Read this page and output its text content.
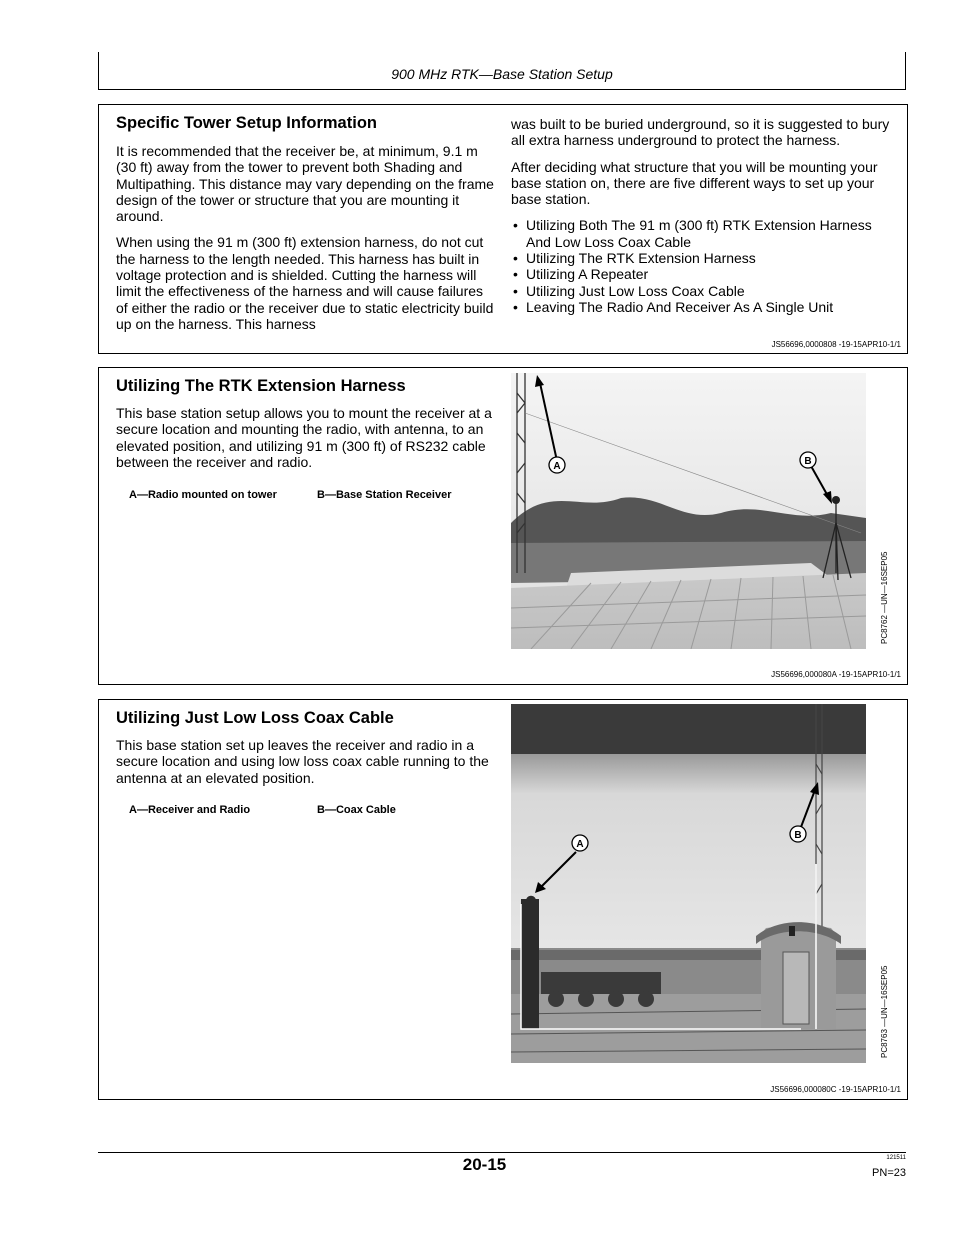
900 MHz RTK—Base Station Setup
Specific Tower Setup Information

It is recommended that the receiver be, at minimum, 9.1 m (30 ft) away from the tower to prevent both Shading and Multipathing. This distance may vary depending on the frame design of the tower or structure that you are mounting it around.

When using the 91 m (300 ft) extension harness, do not cut the harness to the length needed. This harness has built in voltage protection and is shielded. Cutting the harness will limit the effectiveness of the harness and will cause failures of either the radio or the receiver due to static electricity build up on the harness. This harness

was built to be buried underground, so it is suggested to bury all extra harness underground to protect the harness.

After deciding what structure that you will be mounting your base station on, there are five different ways to set up your base station.

• Utilizing Both The 91 m (300 ft) RTK Extension Harness And Low Loss Coax Cable
• Utilizing The RTK Extension Harness
• Utilizing A Repeater
• Utilizing Just Low Loss Coax Cable
• Leaving The Radio And Receiver As A Single Unit
JS56696,0000808 -19-15APR10-1/1
Utilizing The RTK Extension Harness

This base station setup allows you to mount the receiver at a secure location and mounting the radio, with antenna, to an elevated position, and utilizing 91 m (300 ft) of RS232 cable between the receiver and radio.

A—Radio mounted on tower	B—Base Station Receiver
A	B
PC8762 —UN—16SEP05
JS56696,000080A -19-15APR10-1/1
Utilizing Just Low Loss Coax Cable

This base station set up leaves the receiver and radio in a secure location and using low loss coax cable running to the antenna at an elevated position.

A—Receiver and Radio	B—Coax Cable
A
B
PC8763 —UN—16SEP05
JS56696,000080C -19-15APR10-1/1
20-15	121511
PN=23
